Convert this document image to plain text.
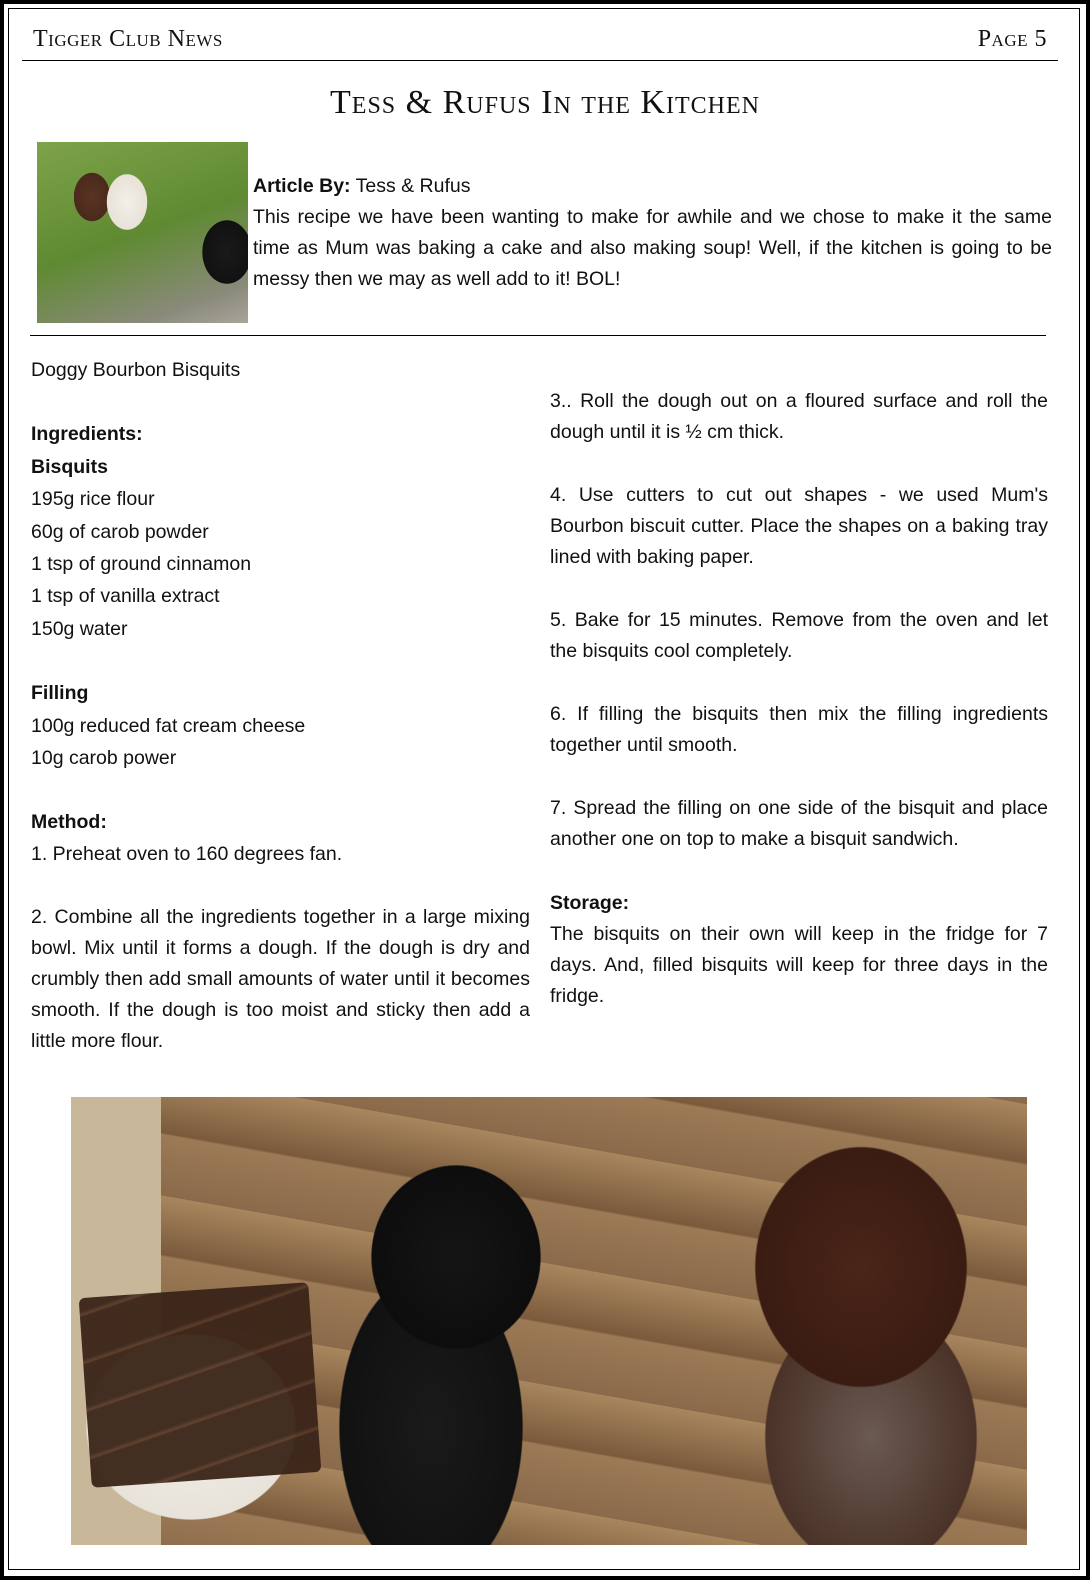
Tigger Club News	Page 5
Tess & Rufus In the Kitchen
Article By: Tess & Rufus
This recipe we have been wanting to make for awhile and we chose to make it the same time as Mum was baking a cake and also making soup! Well, if the kitchen is going to be messy then we may as well add to it! BOL!
Doggy Bourbon Bisquits
Ingredients:
Bisquits
195g rice flour
60g of carob powder
1 tsp of ground cinnamon
1 tsp of vanilla extract
150g water
Filling
100g reduced fat cream cheese
10g carob power
Method:

1. Preheat oven to 160 degrees fan.

2. Combine all the ingredients together in a large mixing bowl. Mix until it forms a dough. If the dough is dry and crumbly then add small amounts of water until it becomes smooth. If the dough is too moist and sticky then add a little more flour.

3.. Roll the dough out on a floured surface and roll the dough until it is ½ cm thick.

4. Use cutters to cut out shapes - we used Mum's Bourbon biscuit cutter. Place the shapes on a baking tray lined with baking paper.

5. Bake for 15 minutes. Remove from the oven and let the bisquits cool completely.

6. If filling the bisquits then mix the filling ingredients together until smooth.

7. Spread the filling on one side of the bisquit and place another one on top to make a bisquit sandwich.

Storage:

The bisquits on their own will keep in the fridge for 7 days. And, filled bisquits will keep for three days in the fridge.
